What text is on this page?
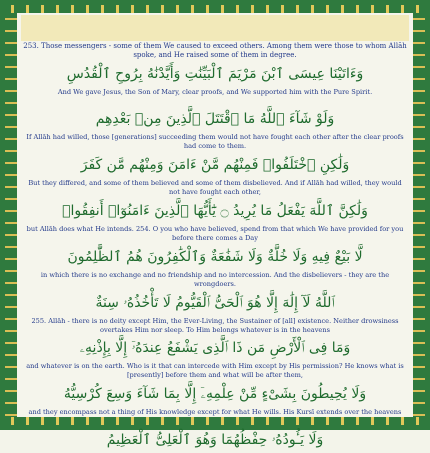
253. Those messengers - some of them We caused to exceed others. Among them were those to whom Allāh spoke, and He raised some of them in degree.
وَءَاتَيْنَا عِيسَى ٱبْنَ مَرْيَمَ ٱلْبَيِّنَٰتِ وَأَيَّدْنَٰهُ بِرُوحِ ٱلْقُدُسِ
And We gave Jesus, the Son of Mary, clear proofs, and We supported him with the Pure Spirit.
وَلَوْ شَآءَ ٱللَّهُ مَا ٱقْتَتَلَ ٱلَّذِينَ مِنۢ بَعْدِهِم
If Allāh had willed, those [generations] succeeding them would not have fought each other after the clear proofs had come to them.
وَلَٰكِنِ ٱخْتَلَفُوا۟ فَمِنْهُم مَّنْ ءَامَنَ وَمِنْهُم مَّن كَفَرَ
But they differed, and some of them believed and some of them disbelieved. And if Allāh had willed, they would not have fought each other,
وَلَٰكِنَّ ٱللَّهَ يَفْعَلُ مَا يُرِيدُ ۝ يَٰٓأَيُّهَا ٱلَّذِينَ ءَامَنُوٓا۟ أَنفِقُوا۟
but Allāh does what He intends. 254. O you who have believed, spend from that which We have provided for you before there comes a Day
لَّا بَيْعٌ فِيهِ وَلَا خُلَّةٌ وَلَا شَفَٰعَةٌ وَٱلْكَٰفِرُونَ هُمُ ٱلظَّٰلِمُونَ
in which there is no exchange and no friendship and no intercession. And the disbelievers - they are the wrongdoers.
ٱللَّهُ لَآ إِلَٰهَ إِلَّا هُوَ ٱلْحَىُّ ٱلْقَيُّومُ لَا تَأْخُذُهُۥ سِنَةٌ
255. Allāh - there is no deity except Him, the Ever-Living, the Sustainer of [all] existence. Neither drowsiness overtakes Him nor sleep. To Him belongs whatever is in the heavens
وَمَا فِى ٱلْأَرْضِ مَن ذَا ٱلَّذِى يَشْفَعُ عِندَهُۥٓ إِلَّا بِإِذْنِهِۦ
and whatever is on the earth. Who is it that can intercede with Him except by His permission? He knows what is [presently] before them and what will be after them,
وَلَا يُحِيطُونَ بِشَىْءٍ مِّنْ عِلْمِهِۦٓ إِلَّا بِمَا شَآءَ وَسِعَ كُرْسِيُّهُ
and they encompass not a thing of His knowledge except for what He wills. His Kursī extends over the heavens
وَلَا يَـُٔودُهُۥ حِفْظُهُمَا وَهُوَ ٱلْعَلِىُّ ٱلْعَظِيمُ
